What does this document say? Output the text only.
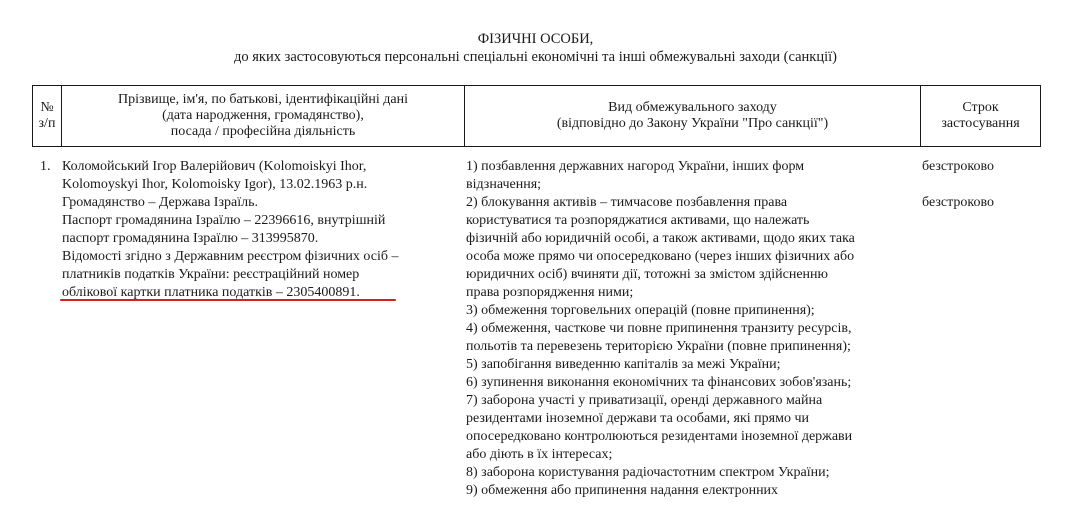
ФІЗИЧНІ ОСОБИ,
до яких застосовуються персональні спеціальні економічні та інші обмежувальні заходи (санкції)
№
з/п
Прізвище, ім'я, по батькові, ідентифікаційні дані
(дата народження, громадянство),
посада / професійна діяльність
Вид обмежувального заходу
(відповідно до Закону України "Про санкції")
Строк
застосування
1. Коломойський Ігор Валерійович (Kolomoiskyi Ihor,

Kolomoyskyi Ihor, Kolomoisky Igor), 13.02.1963 р.н.

Громадянство – Держава Ізраїль.

Паспорт громадянина Ізраїлю – 22396616, внутрішній

паспорт громадянина Ізраїлю – 313995870.

Відомості згідно з Державним реєстром фізичних осіб –

платників податків України: реєстраційний номер

облікової картки платника податків – 2305400891.

1) позбавлення державних нагород України, інших форм

відзначення;

2) блокування активів – тимчасове позбавлення права

користуватися та розпоряджатися активами, що належать

фізичній або юридичній особі, а також активами, щодо яких така

особа може прямо чи опосередковано (через інших фізичних або

юридичних осіб) вчиняти дії, тотожні за змістом здійсненню

права розпорядження ними;

3) обмеження торговельних операцій (повне припинення);

4) обмеження, часткове чи повне припинення транзиту ресурсів,

польотів та перевезень територією України (повне припинення);

5) запобігання виведенню капіталів за межі України;

6) зупинення виконання економічних та фінансових зобов'язань;

7) заборона участі у приватизації, оренді державного майна

резидентами іноземної держави та особами, які прямо чи

опосередковано контролюються резидентами іноземної держави

або діють в їх інтересах;

8) заборона користування радіочастотним спектром України;

9) обмеження або припинення надання електронних

безстроково
безстроково
